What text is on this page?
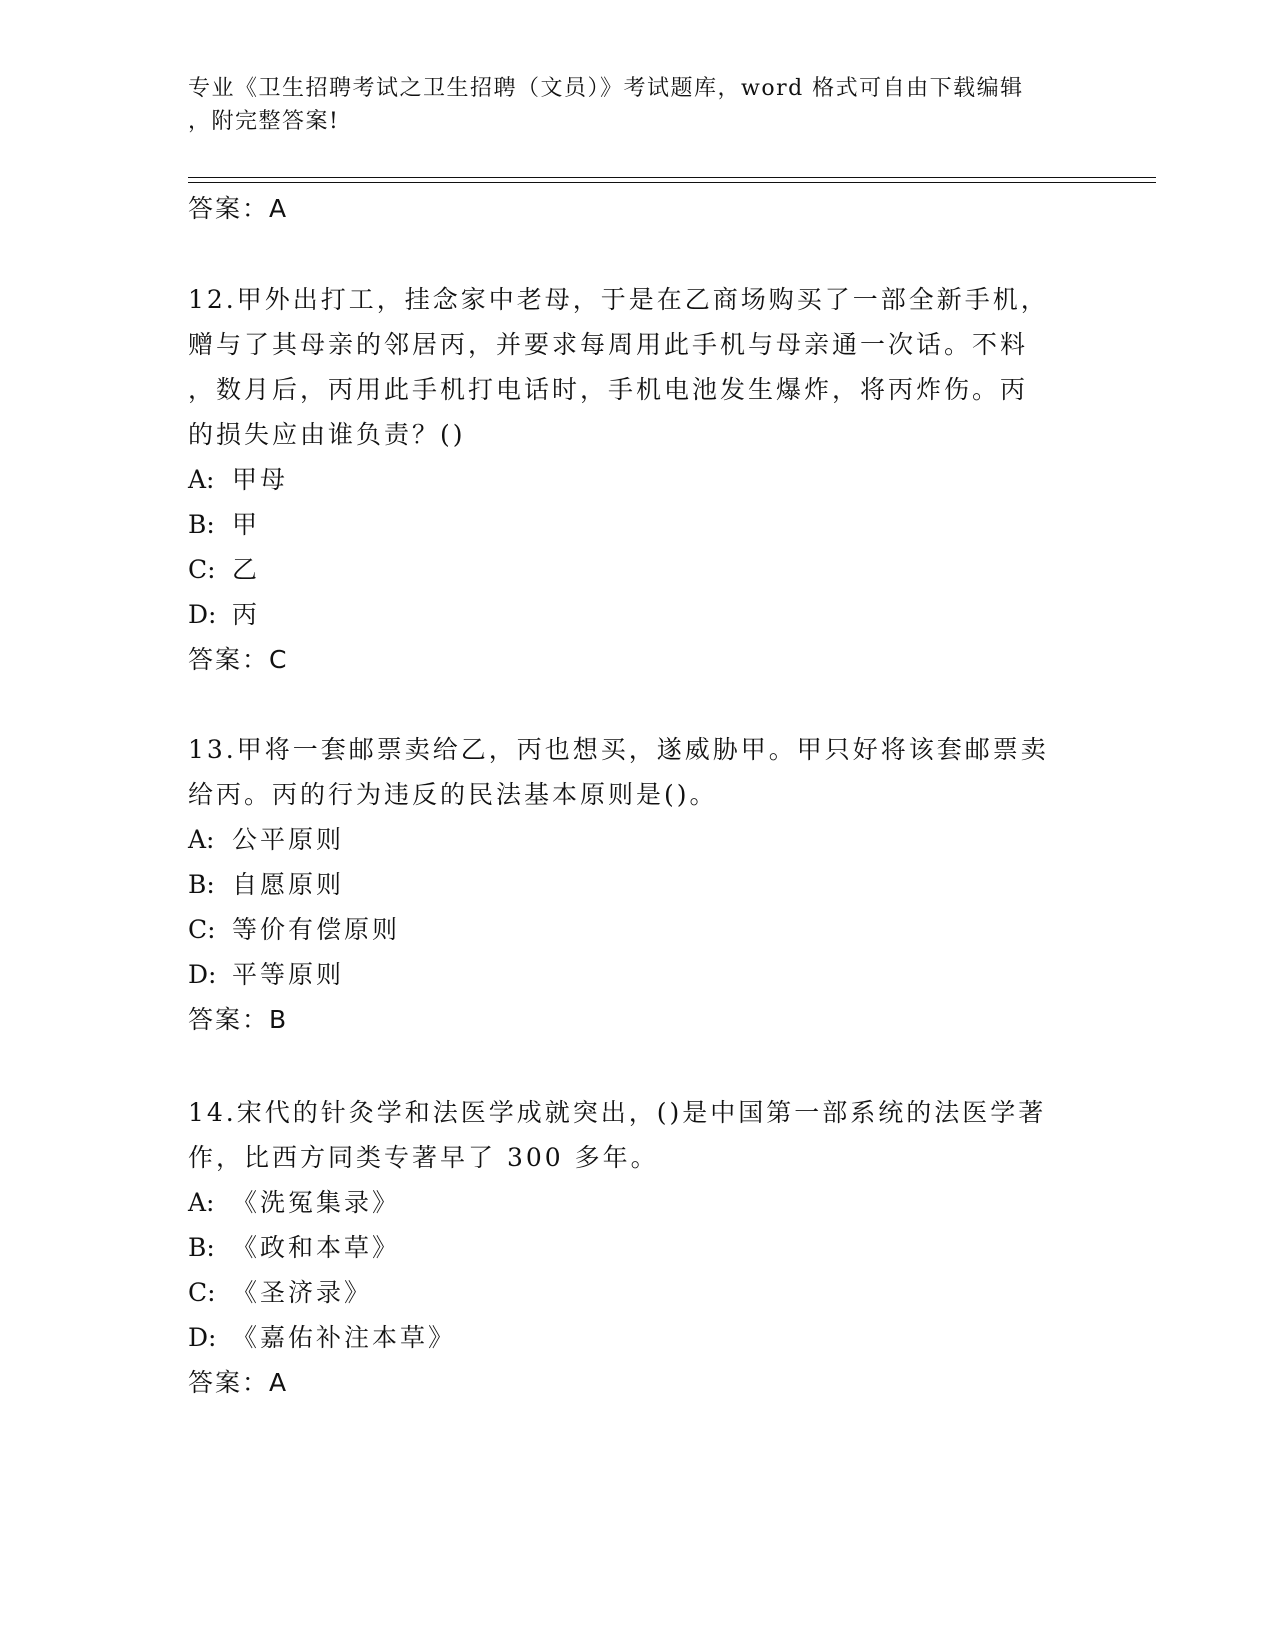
专业《卫生招聘考试之卫生招聘（文员）》考试题库，word 格式可自由下载编辑
，附完整答案!
答案：A
12.甲外出打工，挂念家中老母，于是在乙商场购买了一部全新手机，
赠与了其母亲的邻居丙，并要求每周用此手机与母亲通一次话。不料
，数月后，丙用此手机打电话时，手机电池发生爆炸，将丙炸伤。丙
的损失应由谁负责？()
A: 甲母
B: 甲
C: 乙
D: 丙
答案：C
13.甲将一套邮票卖给乙，丙也想买，遂威胁甲。甲只好将该套邮票卖
给丙。丙的行为违反的民法基本原则是()。
A: 公平原则
B: 自愿原则
C: 等价有偿原则
D: 平等原则
答案：B
14.宋代的针灸学和法医学成就突出，()是中国第一部系统的法医学著
作，比西方同类专著早了 300 多年。
A: 《洗冤集录》
B: 《政和本草》
C: 《圣济录》
D: 《嘉佑补注本草》
答案：A
